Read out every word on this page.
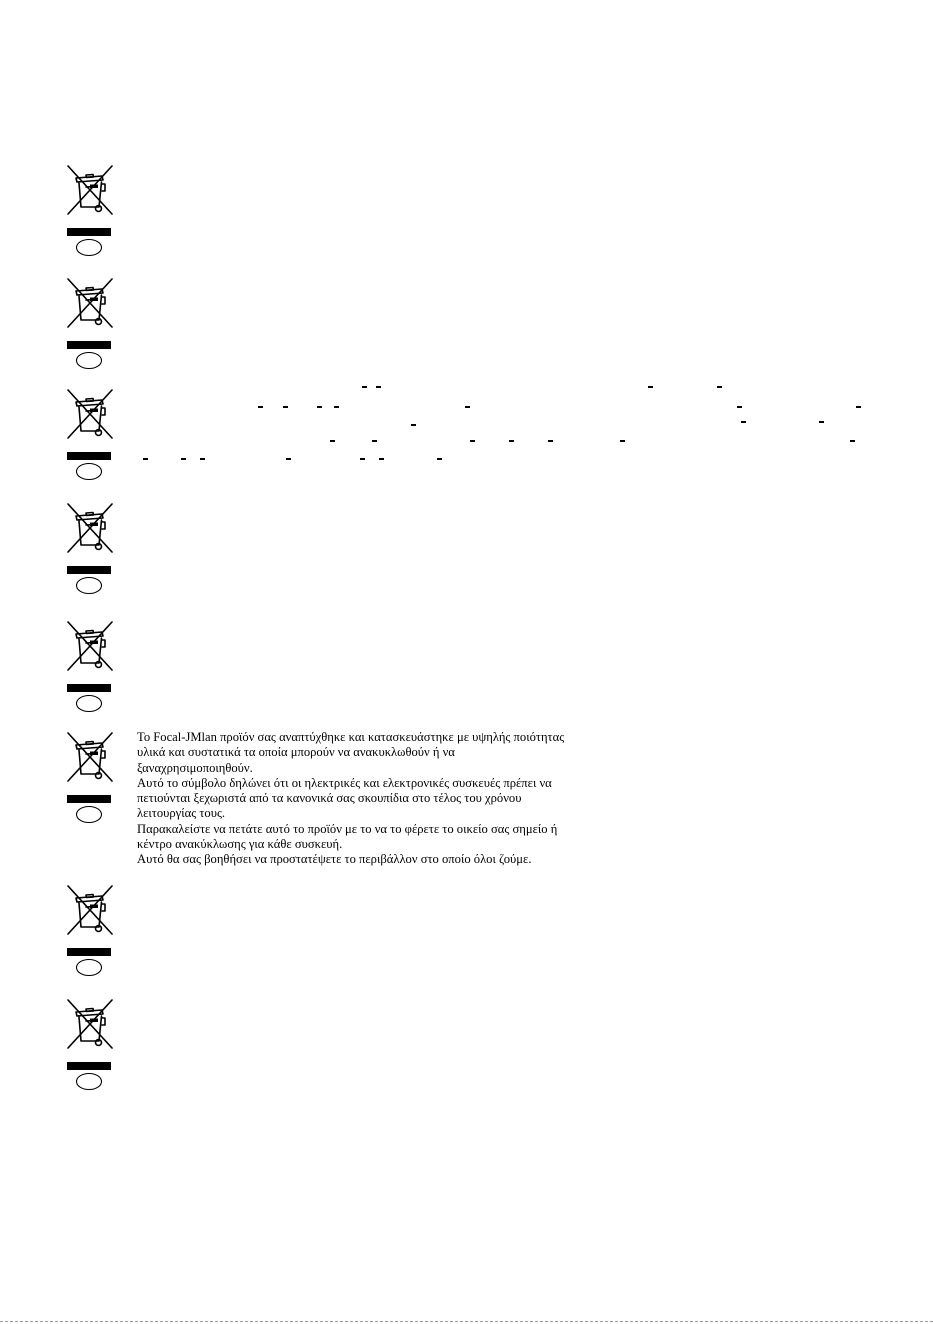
Το Focal-JMlan προϊόν σας αναπτύχθηκε και κατασκευάστηκε με υψηλής ποιότητας
υλικά και συστατικά τα οποία μπορούν να ανακυκλωθούν ή να
ξαναχρησιμοποιηθούν.
Αυτό το σύμβολο δηλώνει ότι οι ηλεκτρικές και ελεκτρονικές συσκευές πρέπει να
πετιούνται ξεχωριστά από τα κανονικά σας σκουπίδια στο τέλος του χρόνου
λειτουργίας τους.
Παρακαλείστε να πετάτε αυτό το προϊόν με το να το φέρετε το οικείο σας σημείο ή
κέντρο ανακύκλωσης για κάθε συσκευή.
Αυτό θα σας βοηθήσει να προστατέψετε το περιβάλλον στο οποίο όλοι ζούμε.
